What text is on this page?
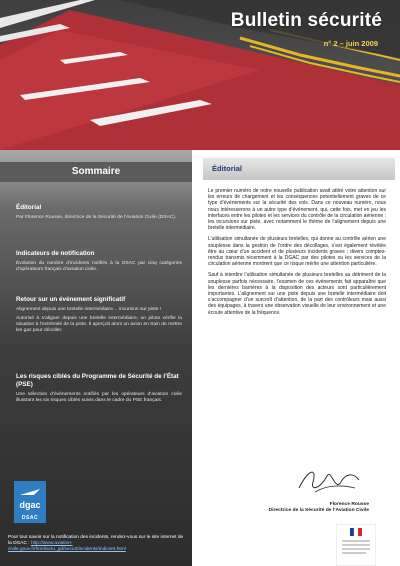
Bulletin sécurité
n° 2 – juin 2009
Sommaire

Éditorial

Par Florence Rousse, directrice de la Sécurité de l’Aviation Civile (DSAC).

Indicateurs de notification

Évolution du nombre d’incidents notifiés à la DSAC par cinq catégories d’opérateurs français d’aviation civile.

Retour sur un événement significatif

Alignement depuis une bretelle intermédiaire… incursion sur piste !

Autorisé à s’aligner depuis une bretelle intermédiaire, un pilote vérifie la situation à l’extrémité de la piste. Il aperçoit alors un avion en train de mettre les gaz pour décoller.

Les risques ciblés du Programme de Sécurité de l’État (PSE)

Une sélection d’événements notifiés par les opérateurs d’aviation civile illustrant les six risques ciblés suivis dans le cadre du PSE français.

dgac
DSAC
Pour tout savoir sur la notification des incidents, rendez-vous sur le site internet de la DGAC : http://www.aviation-civile.gouv.fr/html/actu_gd/secu3/incidents/indicent.html
Éditorial

Le premier numéro de notre nouvelle publication avait attiré votre attention sur les erreurs de chargement et les conséquences potentiellement graves de ce type d’événements sur la sécurité des vols. Dans ce nouveau numéro, nous nous intéresserons à un autre type d’événement, qui, cette fois, met en jeu les interfaces entre les pilotes et les services du contrôle de la circulation aérienne : les incursions sur piste, avec notamment le thème de l’alignement depuis une bretelle intermédiaire.

L’utilisation simultanée de plusieurs bretelles, qui donne au contrôle aérien une souplesse dans la gestion de l’ordre des décollages, s’est également révélée être au cœur d’un accident et de plusieurs incidents graves ; divers comptes-rendus transmis récemment à la DGAC par des pilotes ou les services de la circulation aérienne montrent que ce risque mérite une attention particulière.

Sauf à interdire l’utilisation simultanée de plusieurs bretelles au détriment de la souplesse parfois nécessaire, l’examen de ces événements fait apparaître que les dernières barrières à la disposition des acteurs sont particulièrement importantes. L’alignement sur une piste depuis une bretelle intermédiaire doit s’accompagner d’un surcroît d’attention, de la part des contrôleurs mais aussi des équipages, à travers une observation visuelle de leur environnement et une écoute attentive de la fréquence.

Florence Rousse
Directrice de la Sécurité de l’Aviation Civile
